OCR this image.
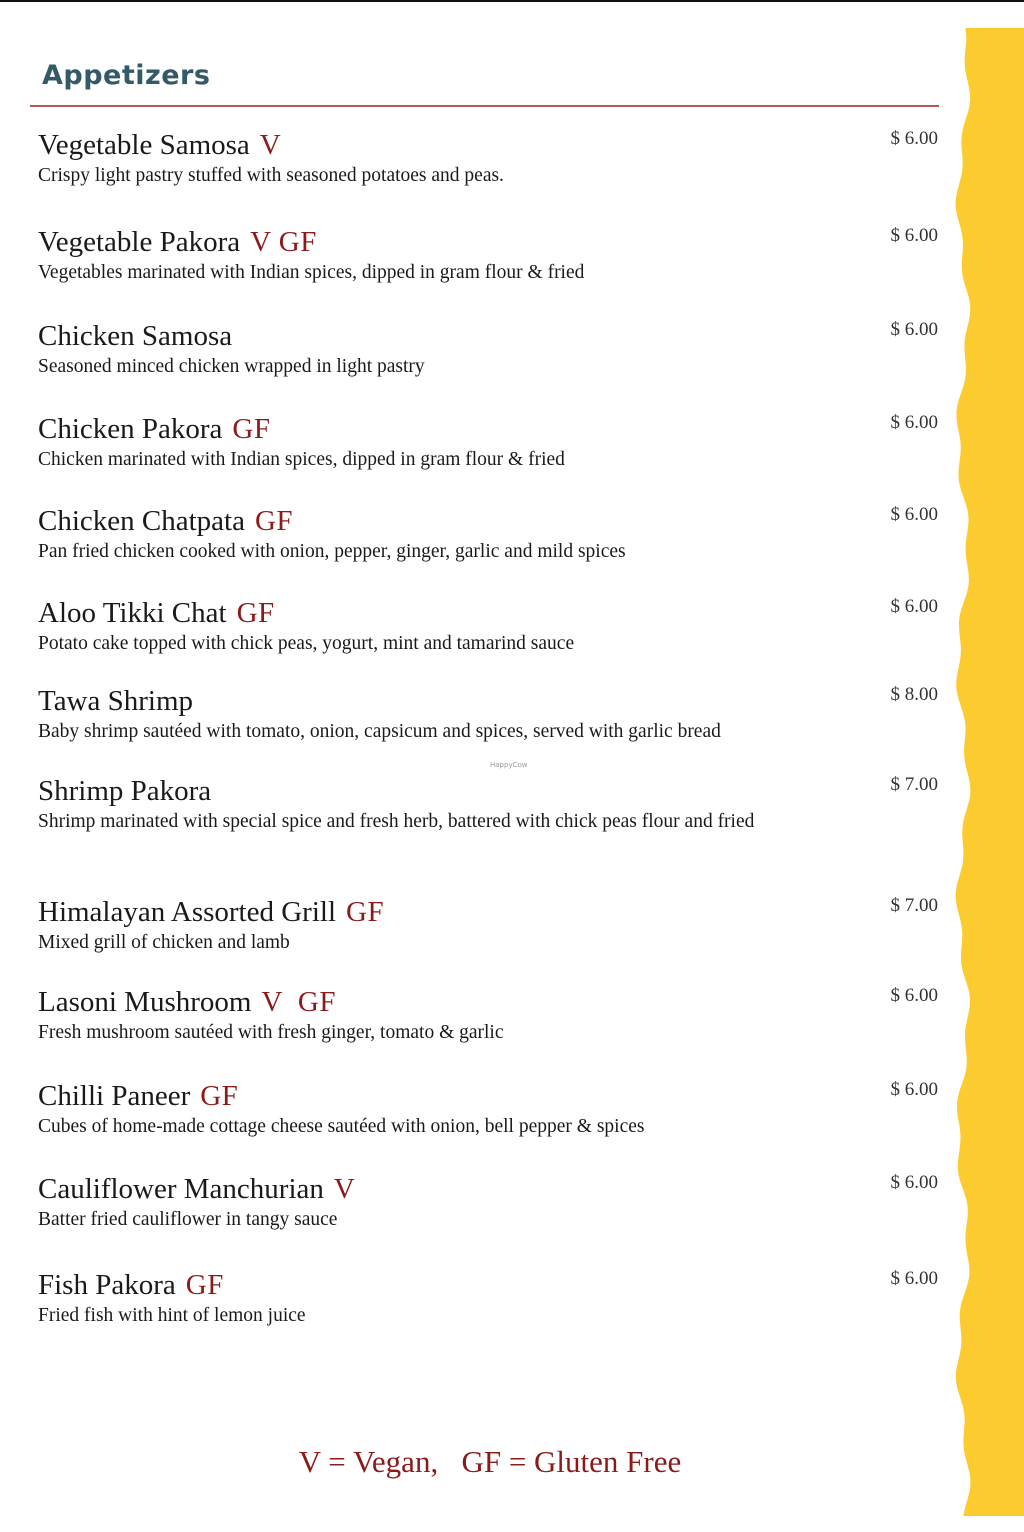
Appetizers
Vegetable Samosa V
Crispy light pastry stuffed with seasoned potatoes and peas.
$ 6.00
Vegetable Pakora V GF
Vegetables marinated with Indian spices, dipped in gram flour & fried
$ 6.00
Chicken Samosa
Seasoned minced chicken wrapped in light pastry
$ 6.00
Chicken Pakora GF
Chicken marinated with Indian spices, dipped in gram flour & fried
$ 6.00
Chicken Chatpata GF
Pan fried chicken cooked with onion, pepper, ginger, garlic and mild spices
$ 6.00
Aloo Tikki Chat GF
Potato cake topped with chick peas, yogurt, mint and tamarind sauce
$ 6.00
Tawa Shrimp
Baby shrimp sautéed with tomato, onion, capsicum and spices, served with garlic bread
$ 8.00
HappyCow
Shrimp Pakora
Shrimp marinated with special spice and fresh herb, battered with chick peas flour and fried
$ 7.00
Himalayan Assorted Grill GF
Mixed grill of chicken and lamb
$ 7.00
Lasoni Mushroom V  GF
Fresh mushroom sautéed with fresh ginger, tomato & garlic
$ 6.00
Chilli Paneer GF
Cubes of home-made cottage cheese sautéed with onion, bell pepper & spices
$ 6.00
Cauliflower Manchurian V
Batter fried cauliflower in tangy sauce
$ 6.00
Fish Pakora GF
Fried fish with hint of lemon juice
$ 6.00
V = Vegan,   GF = Gluten Free
